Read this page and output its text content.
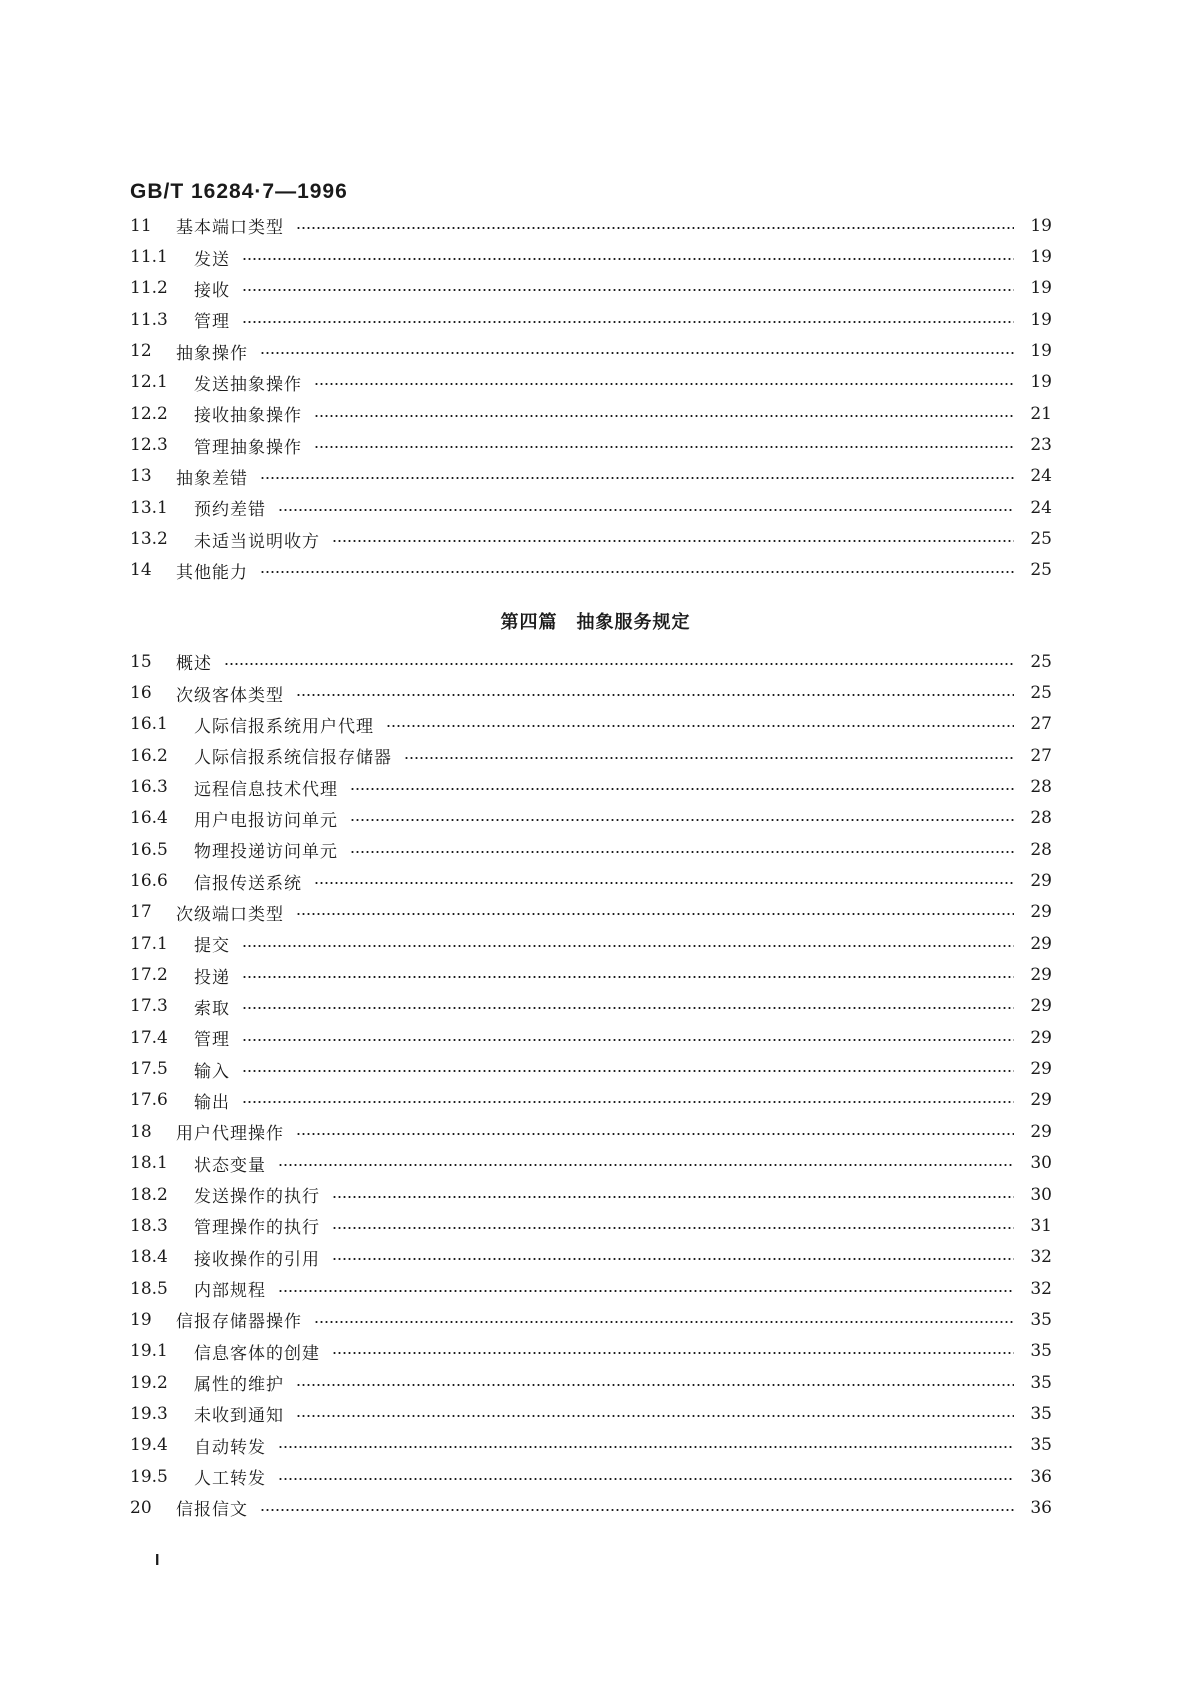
GB/T 16284·7—1996
11	基本端口类型	19
11.1	发送	19
11.2	接收	19
11.3	管理	19
12	抽象操作	19
12.1	发送抽象操作	19
12.2	接收抽象操作	21
12.3	管理抽象操作	23
13	抽象差错	24
13.1	预约差错	24
13.2	未适当说明收方	25
14	其他能力	25
第四篇　抽象服务规定
15	概述	25
16	次级客体类型	25
16.1	人际信报系统用户代理	27
16.2	人际信报系统信报存储器	27
16.3	远程信息技术代理	28
16.4	用户电报访问单元	28
16.5	物理投递访问单元	28
16.6	信报传送系统	29
17	次级端口类型	29
17.1	提交	29
17.2	投递	29
17.3	索取	29
17.4	管理	29
17.5	输入	29
17.6	输出	29
18	用户代理操作	29
18.1	状态变量	30
18.2	发送操作的执行	30
18.3	管理操作的执行	31
18.4	接收操作的引用	32
18.5	内部规程	32
19	信报存储器操作	35
19.1	信息客体的创建	35
19.2	属性的维护	35
19.3	未收到通知	35
19.4	自动转发	35
19.5	人工转发	36
20	信报信文	36
I
